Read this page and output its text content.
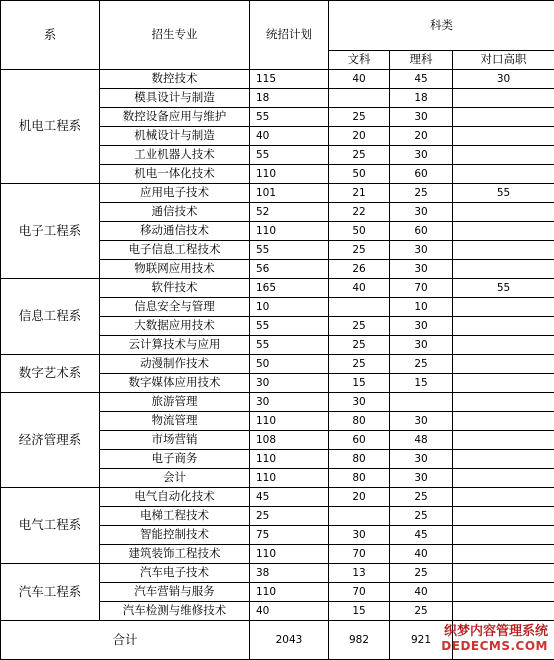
系	招生专业	统招计划	科类		
			文科	理科	对口高职
机电工程系	数控技术	115	40	45	30
	模具设计与制造	18		18	
	数控设备应用与维护	55	25	30	
	机械设计与制造	40	20	20	
	工业机器人技术	55	25	30	
	机电一体化技术	110	50	60	
电子工程系	应用电子技术	101	21	25	55
	通信技术	52	22	30	
	移动通信技术	110	50	60	
	电子信息工程技术	55	25	30	
	物联网应用技术	56	26	30	
信息工程系	软件技术	165	40	70	55
	信息安全与管理	10		10	
	大数据应用技术	55	25	30	
	云计算技术与应用	55	25	30	
数字艺术系	动漫制作技术	50	25	25	
	数字媒体应用技术	30	15	15	
经济管理系	旅游管理	30	30		
	物流管理	110	80	30	
	市场营销	108	60	48	
	电子商务	110	80	30	
	会计	110	80	30	
电气工程系	电气自动化技术	45	20	25	
	电梯工程技术	25		25	
	智能控制技术	75	30	45	
	建筑装饰工程技术	110	70	40	
汽车工程系	汽车电子技术	38	13	25	
	汽车营销与服务	110	70	40	
	汽车检测与维修技术	40	15	25	
合计		2043	982	921	
织梦内容管理系统
DEDECMS.COM
